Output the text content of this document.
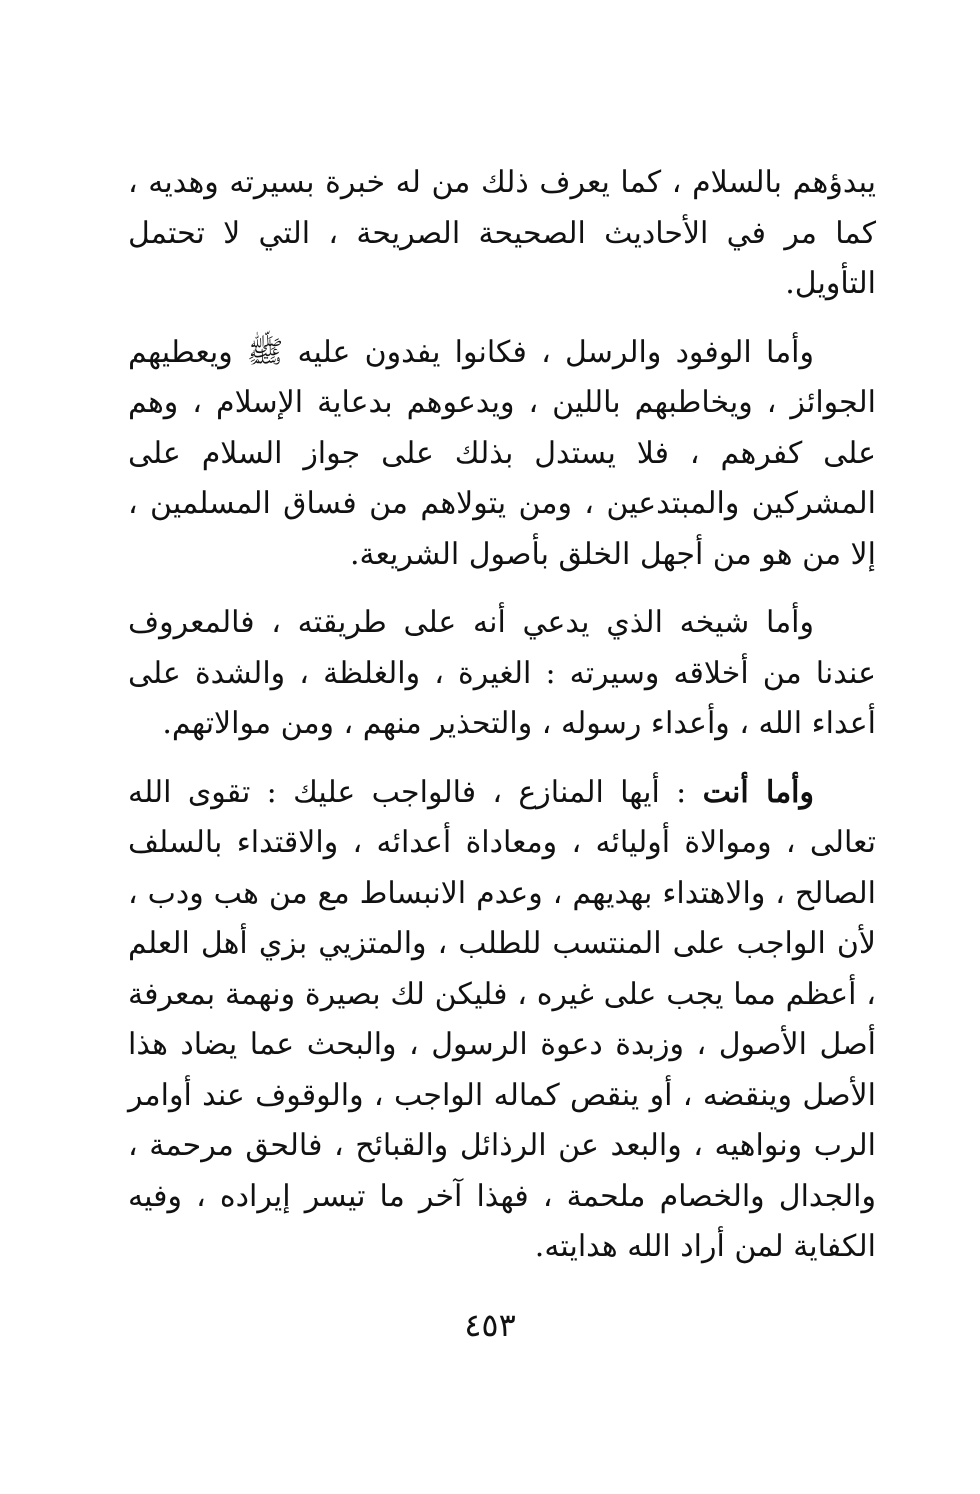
يبدؤهم بالسلام ، كما يعرف ذلك من له خبرة بسيرته وهديه ، كما مر في الأحاديث الصحيحة الصريحة ، التي لا تحتمل التأويل.

وأما الوفود والرسل ، فكانوا يفدون عليه ﷺ ويعطيهم الجوائز ، ويخاطبهم باللين ، ويدعوهم بدعاية الإسلام ، وهم على كفرهم ، فلا يستدل بذلك على جواز السلام على المشركين والمبتدعين ، ومن يتولاهم من فساق المسلمين ، إلا من هو من أجهل الخلق بأصول الشريعة.

وأما شيخه الذي يدعي أنه على طريقته ، فالمعروف عندنا من أخلاقه وسيرته : الغيرة ، والغلظة ، والشدة على أعداء الله ، وأعداء رسوله ، والتحذير منهم ، ومن موالاتهم.

وأما أنت : أيها المنازع ، فالواجب عليك : تقوى الله تعالى ، وموالاة أوليائه ، ومعاداة أعدائه ، والاقتداء بالسلف الصالح ، والاهتداء بهديهم ، وعدم الانبساط مع من هب ودب ، لأن الواجب على المنتسب للطلب ، والمتزيي بزي أهل العلم ، أعظم مما يجب على غيره ، فليكن لك بصيرة ونهمة بمعرفة أصل الأصول ، وزبدة دعوة الرسول ، والبحث عما يضاد هذا الأصل وينقضه ، أو ينقص كماله الواجب ، والوقوف عند أوامر الرب ونواهيه ، والبعد عن الرذائل والقبائح ، فالحق مرحمة ، والجدال والخصام ملحمة ، فهذا آخر ما تيسر إيراده ، وفيه الكفاية لمن أراد الله هدايته.

٤٥٣
